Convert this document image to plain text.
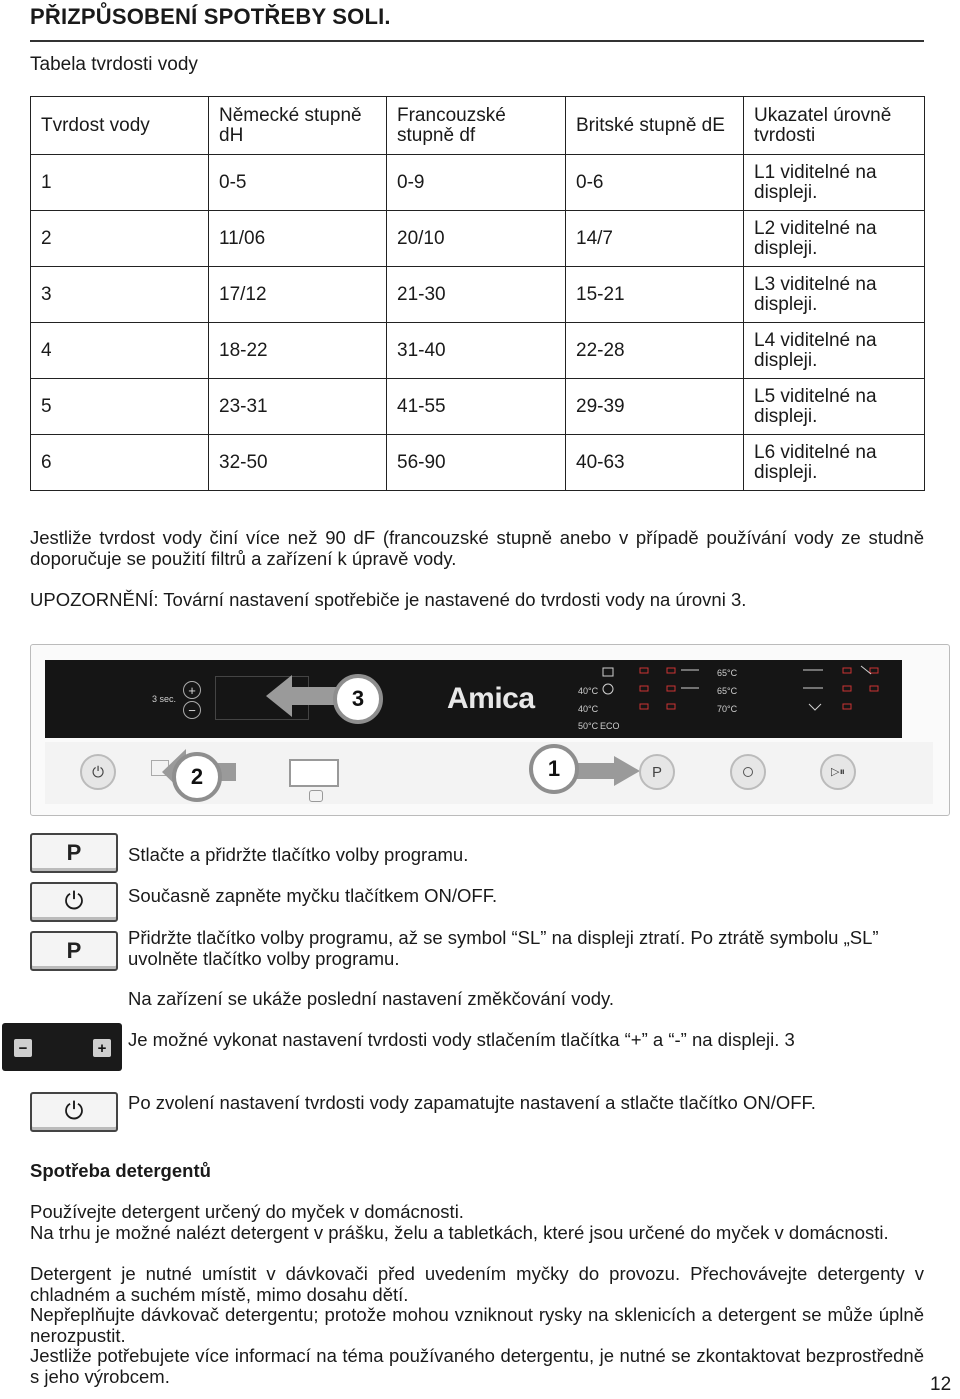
PŘIZPŮSOBENÍ SPOTŘEBY SOLI.
Tabela tvrdosti vody
Tvrdost vody	Německé stupně dH	Francouzské stupně df	Britské stupně dE	Ukazatel úrovně tvrdosti
1	0-5	0-9	0-6	L1 viditelné na displeji.
2	11/06	20/10	14/7	L2 viditelné na displeji.
3	17/12	21-30	15-21	L3 viditelné na displeji.
4	18-22	31-40	22-28	L4 viditelné na displeji.
5	23-31	41-55	29-39	L5 viditelné na displeji.
6	32-50	56-90	40-63	L6 viditelné na displeji.
Jestliže tvrdost vody činí více než 90 dF (francouzské stupně anebo v případě používání vody ze studně doporučuje se použití filtrů a zařízení k úpravě vody.
UPOZORNĚNÍ: Tovární nastavení spotřebiče je nastavené do tvrdosti vody na úrovni 3.
3 sec.
+
−	3	Amica	40°C
40°C
50°C ECO
65°C
65°C
70°C
⏻	2	1	P	▷⏸
P	Stlačte a přidržte tlačítko volby programu.
⏻ Současně zapněte myčku tlačítkem ON/OFF.
P
Přidržte tlačítko volby programu, až se symbol “SL” na displeji ztratí. Po ztrátě symbolu „SL” uvolněte tlačítko volby programu.
Na zařízení se ukáže poslední nastavení změkčování vody.
−	+ Je možné vykonat nastavení tvrdosti vody stlačením tlačítka “+” a “-” na displeji. 3
⏻ Po zvolení nastavení tvrdosti vody zapamatujte nastavení a stlačte tlačítko ON/OFF.
Spotřeba detergentů
Používejte detergent určený do myček v domácnosti.
Na trhu je možné nalézt detergent v prášku, želu a tabletkách, které jsou určené do myček v domácnosti.
Detergent je nutné umístit v dávkovači před uvedením myčky do provozu. Přechovávejte detergenty v chladném a suchém místě, mimo dosahu dětí.
Nepřeplňujte dávkovač detergentu; protože mohou vzniknout rysky na sklenicích a detergent se může úplně nerozpustit.
Jestliže potřebujete více informací na téma používaného detergentu, je nutné se zkontaktovat bezprostředně s jeho výrobcem.	12
